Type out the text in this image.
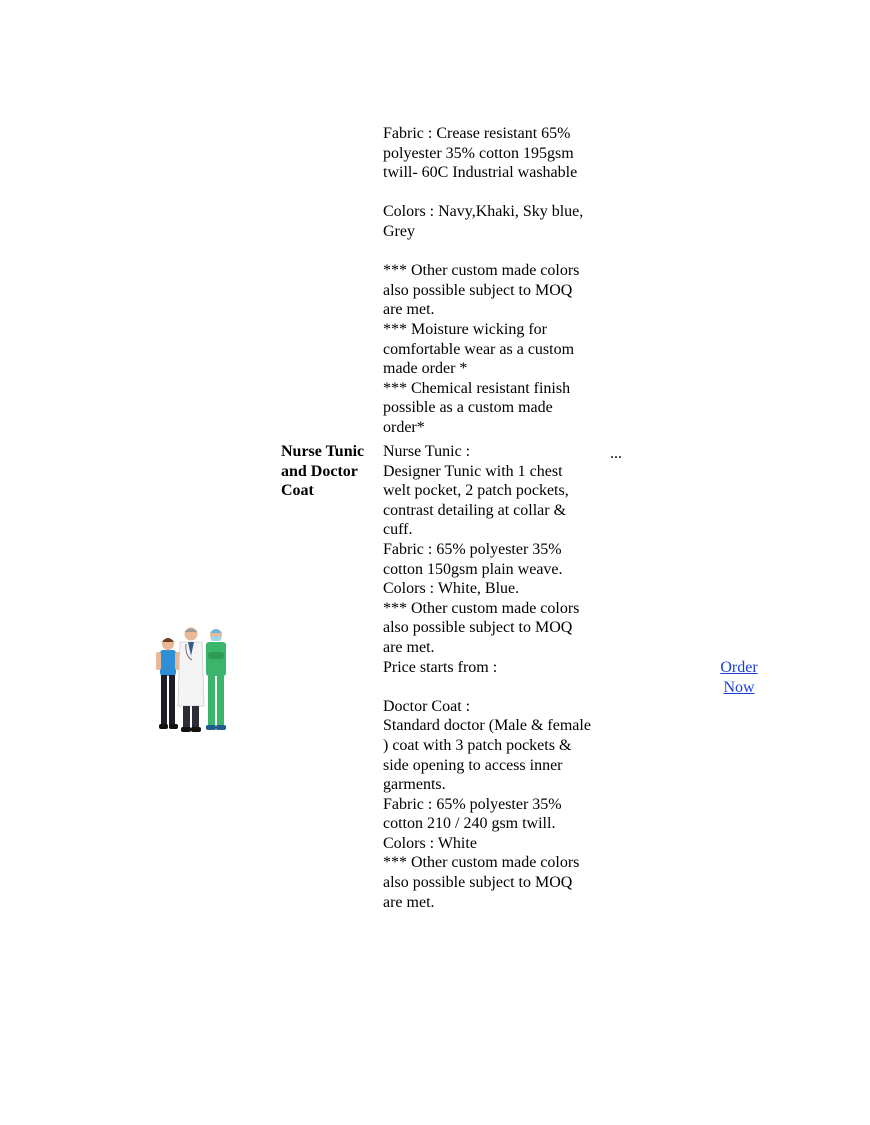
Fabric : Crease resistant 65%
polyester 35% cotton 195gsm
twill- 60C Industrial washable
Colors : Navy,Khaki, Sky blue,
Grey
*** Other custom made colors
also possible subject to MOQ
are met.
*** Moisture wicking for
comfortable wear as a custom
made order *
*** Chemical resistant finish
possible as a custom made
order*
Nurse Tunic
and Doctor
Coat
Nurse Tunic :
Designer Tunic with 1 chest
welt pocket, 2 patch pockets,
contrast detailing at collar &
cuff.
Fabric : 65% polyester 35%
cotton 150gsm plain weave.
Colors : White, Blue.
*** Other custom made colors
also possible subject to MOQ
are met.
Price starts from :
Doctor Coat :
Standard doctor (Male & female
) coat with 3 patch pockets &
side opening to access inner
garments.
Fabric : 65% polyester 35%
cotton 210 / 240 gsm twill.
Colors : White
*** Other custom made colors
also possible subject to MOQ
are met.
...
Order
Now
